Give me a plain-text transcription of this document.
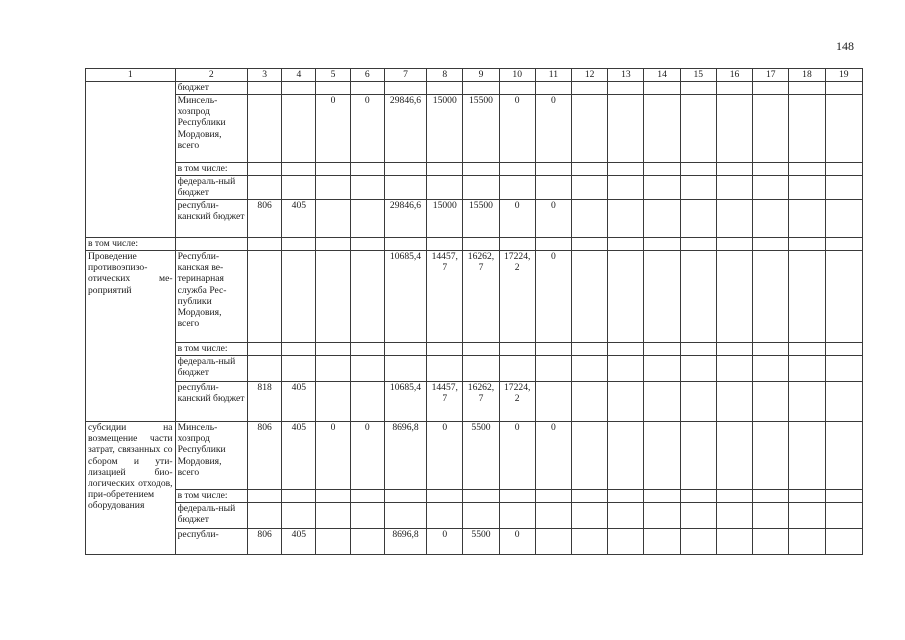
148
1	2	3	4	5	6	7	8	9	10	11	12	13	14	15	16	17	18	19
	бюджет																	
	Минсель-хозпрод Республики Мордовия, всего			0	0	29846,6	15000	15500	0	0								
	в том числе:																	
	федераль-ный бюджет																	
	республи-канский бюджет	806	405			29846,6	15000	15500	0	0								
в том числе:																		
Проведение противоэпизо-отических ме-роприятий	Республи-канская ве-теринарная служба Рес-публики Мордовия, всего					10685,4	14457, 7	16262, 7	17224, 2	0								
	в том числе:																	
	федераль-ный бюджет																	
	республи-канский бюджет	818	405			10685,4	14457, 7	16262, 7	17224, 2									
субсидии на возмещение части затрат, связанных со сбором и ути-лизацией био-логических отходов, при-обретением оборудования	Минсель-хозпрод Республики Мордовия, всего	806	405	0	0	8696,8	0	5500	0	0								
	в том числе:																	
	федераль-ный бюджет																	
	республи-	806	405			8696,8	0	5500	0									
